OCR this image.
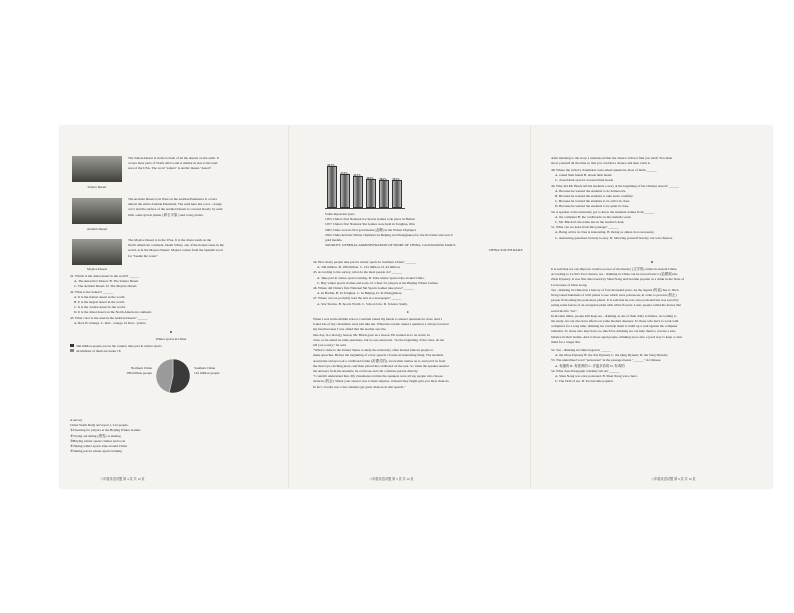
Sahara Desert
Arabian Desert
Mojave Desert
The Sahara Desert is in the bottom of all the deserts on the earth. It
covers most parts of North Africa and is similar in size to the land
area of the USA. The word "sahara" is Arabic means "desert".
The Arabian Desert is in West on the Arabian Peninsula. It covers
almost the entire Arabian Peninsula. The sand here has a red - orange
color and the surface of the Arabian Desert is covered mostly by sand
hills, some gravel plains ( 碎石平原 ) and rocky plains.
The Mojave Desert is in the USA. It is the driest south on the
North American continent. Death Valley, one of the hottest areas in the
world, is in the Mojave Desert. Mojave comes from the Spanish word
for "beside the water".
41. Which is the driest desert in the world? ______
A. The Antarctica Desert. B. The Sahara Desert
C. The Arabian Desert. D. The Mojave Desert.
42. What is the Sahara? ______
A. It is the hottest desert in the world.
B. It is the largest desert in the world.
C. It is the coldest desert in the world.
D. It is the driest desert on the North American continent.
43. What color is the sand in the Arabian Desert? ______
A. Red. B. Orange. C. Red - orange. D. Red - yellow.
B
Winter sports in China
346 million people across the country take part in winter sports
44 millions of them are under 18
Northern China
186 million people
Southern China
161 million people
A survey
China Youth Daily surveyed 1, 212 people.
①Cheering for players at the Beijing Winter Games
②Trying out skiing (滑雪) or skating
③Buying winter sports clothes and tools
④Taking winter sports trips around China
⑤Taking part in winter sports training
八年级英语试题 第 4 页 共 10 页
59.3%
47.5%	45.3%
40.0%	38.6%	39.5%
Some important years
1955 China's first National Ice Sports Games took place in Harbin
1957 China's first National Ski Games were held in Tonghua, Jilin
2002 China won its first gold medal (金牌) in the Winter Olympics
2022 China held the Winter Olympics in Beijing and Zhangjiakou for the first time and won 9
gold medals.
SOURCES: GENERAL ADMINISTRATION OF SPORT OF CHINA, GUANGDONG DAILY,
CHINA YOUTH DAILY
44. How many people take part in winter sports in Southern China? ______
A. 346 million. B. 186 million. C. 161 million. D. 44 million.
45. According to the survey, what do the most people do? ______
A. Take part in winter sports training. B. Take winter sports trips around China.
C. Buy winter sports clothes and tools. D. Cheer for players at the Beijing Winter Games.
46. Where did China's first National Ski Sports Games take place? ______
A. In Harbin. B. In Tonghua. C. In Beijing. D. In Zhangjiakou.
47. Where can we probably read the text in a newspaper? ______
A. Star Stories. B. Sports World. C. School Life. D. Science Study.
C
When I was in the middle school, I seldom raised my hands to answer questions in class. And I
found lots of my classmates were just like me. When the teacher asked a question, I always lowered
my head because I was afraid that the teacher saw me.
One day, in a biology lesson, Mr. Black gave us a lesson. He wanted us to be active in
class, so he asked us some questions, but no one answered. "At the beginning of the class, let me
tell you a story," he said.
"When I came to the United States to study the university often invited famous people to
make speeches. Before the beginning of every speech, I found an interesting thing. The students
around me always took a cardboard folder (折叠式的), wrote their names on it, and put it in front
the most eye-catching place, and then placed the cardboard on the seat. So when the speaker needed
the answers from the students, he could see and call a famous person directly.
"I couldn't understand that. My classmates told me the speakers were all top people who choose
chances (机会). When your answer was to their surprise, it meant they might give you their chances.
In fact, I really saw a few students get great chances in that speech."
八年级英语试题 第 5 页 共 10 页
After listening to the story, I understood that the chance will not find you itself. You must
show yourself all the time so that you can find a chance and then catch it.
48. Where the writer's classmates were asked questions, most of them ______
A. raised their hands B. shook their heads
C. closed their eyes D. lowered their heads
49. Why did Mr. Black tell his students a story at the beginning of his Chinese lesson? ______
A. Because he wanted the students to do homework.
B. Because he wanted the students to take notes carefully.
C. Because he wanted the students to be active in class.
D. Because he wanted the students to be quiet in class.
50. A speaker at the university got to know the students' names from ______
A. the computer B. the cardboards on the students' seats
C. Mr. Black D. the name list on the teacher's desk
51. What can we learn from this passage? ______
A. Being active in class is interesting. B. Doing as others do is necessary.
C. Answering questions bravely is easy. D. Showing yourself bravely can win chances.
D
It is said that tea can improve creative power of the literary (文学的) artists in ancient China.
According to Lu Yu's Tea Classics, tea - drinking in China can be traced back to (追溯到) the
Zhou Dynasty. It was first discovered by Shen Nong and became popular as a drink in the State of
Lu because of Zhou Gong.
Tea - drinking in China has a history of four thousand years. As the legend (传说) has it, Shen
Nong tasted hundreds of wild plants to see which were poisonous, in order to prevent (防止)
people from eating the poisonous plants. It is said that he was once poisoned but was saved by
eating some leaves of an evergreen plant with white flowers. Later, people called the leaves that
saved his life "tea".
In modern times, people still keep tea - drinking as one of their daily activities. According to
the study, tea can also have effects on some modern diseases. To those who have to work with
computers for a long time, drinking tea can help them to build up a wall against the computer
radiation. To those who may have too much fat, drinking tea can help them to reverse a new
balance in their bodies. And to those aged people, drinking tea is also a good way to keep a clear
mind for a longer life.
52. Tea - drinking in China began in ______
A. the Zhou Dynasty B. the Xia Dynasty C. the Qing Dynasty D. the Tang Dynasty
53. The underlined word "poisonous" in the passage means "______" in Chinese.
A. 有趣的 B. 有营养的 C. 多姿多彩的 D. 有毒的
54. What does Paragraph 3 mainly tell us? ______
A. Shen Nong was once poisoned. B. Shen Nong was a hero.
C. The birth of tea. D. Tea became popular.
八年级英语试题 第 6 页 共 10 页
